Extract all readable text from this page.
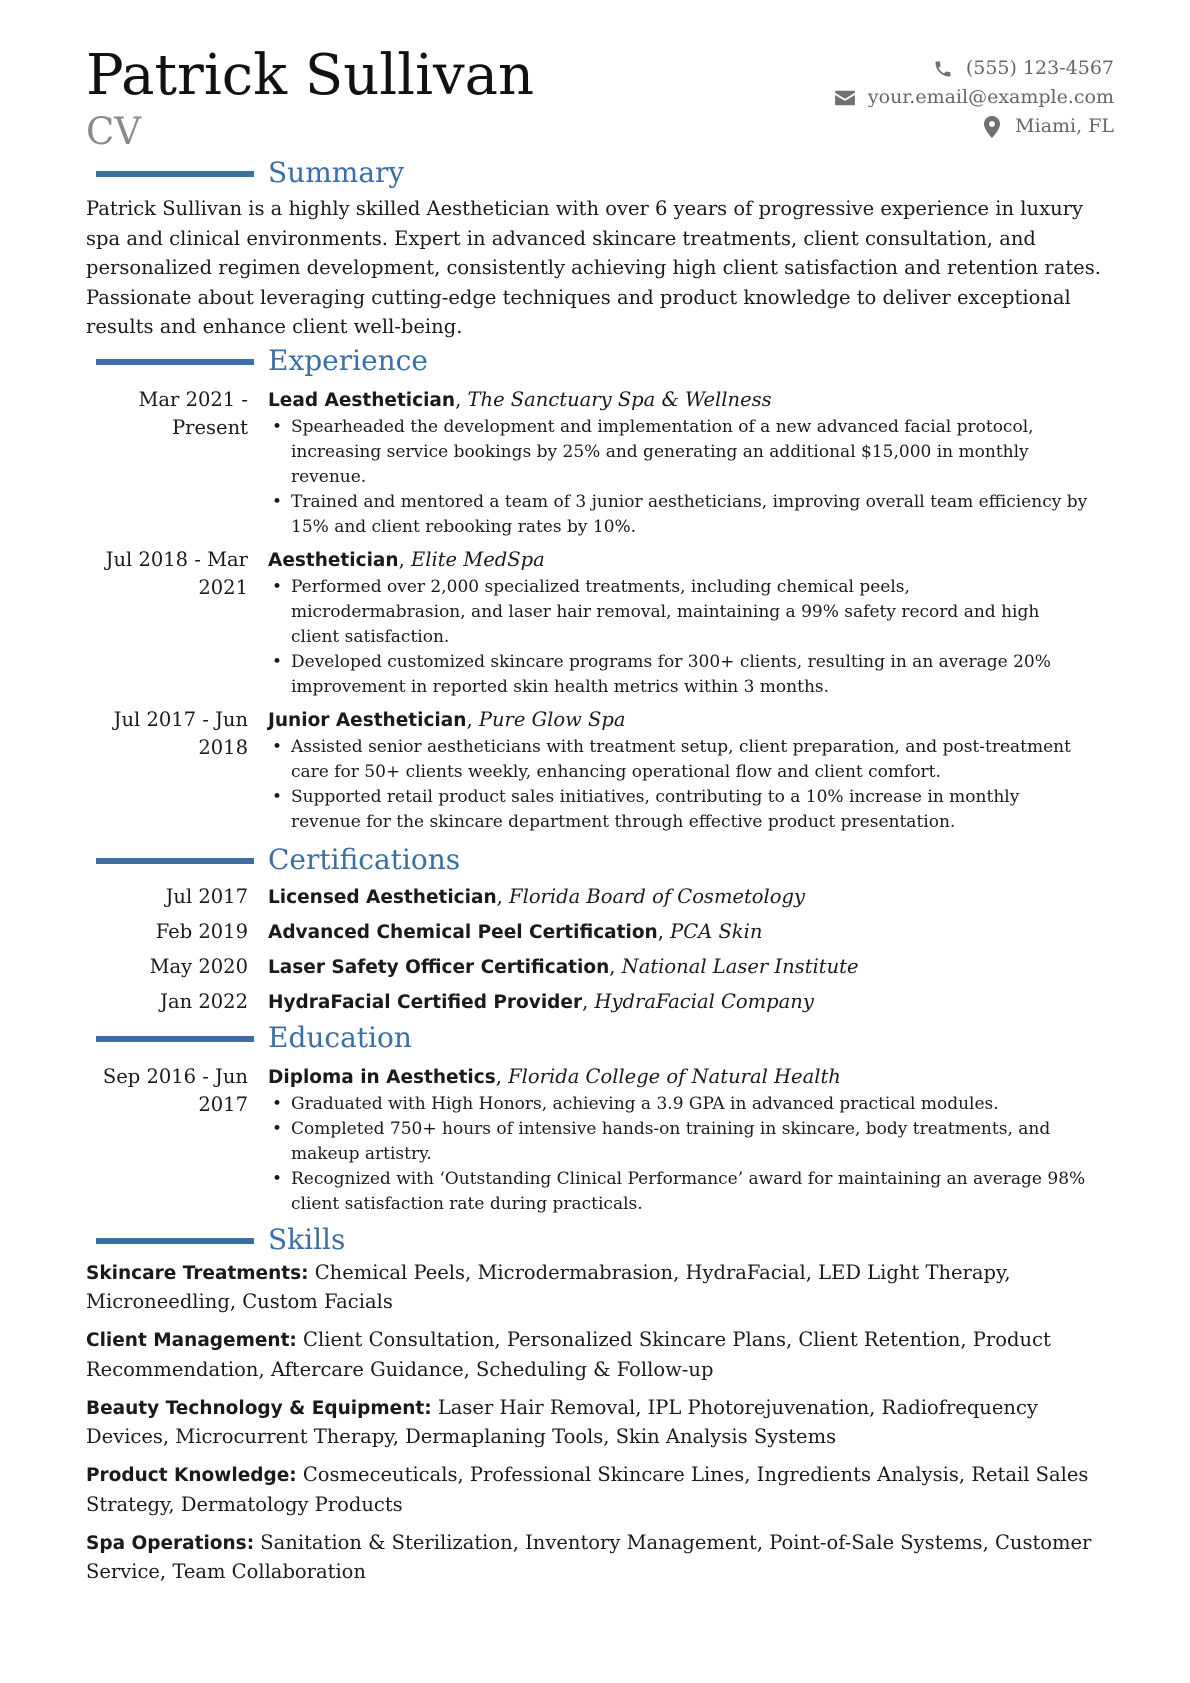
Patrick Sullivan
CV
(555) 123-4567
your.email@example.com
Miami, FL
Summary

Patrick Sullivan is a highly skilled Aesthetician with over 6 years of progressive experience in luxury spa and clinical environments. Expert in advanced skincare treatments, client consultation, and personalized regimen development, consistently achieving high client satisfaction and retention rates. Passionate about leveraging cutting-edge techniques and product knowledge to deliver exceptional results and enhance client well-being.

Experience
Mar 2021 -
Present
Lead Aesthetician, The Sanctuary Spa & Wellness
• Spearheaded the development and implementation of a new advanced facial protocol, increasing service bookings by 25% and generating an additional $15,000 in monthly revenue.
• Trained and mentored a team of 3 junior aestheticians, improving overall team efficiency by 15% and client rebooking rates by 10%.
Jul 2018 - Mar
2021
Aesthetician, Elite MedSpa
• Performed over 2,000 specialized treatments, including chemical peels, microdermabrasion, and laser hair removal, maintaining a 99% safety record and high client satisfaction.
• Developed customized skincare programs for 300+ clients, resulting in an average 20% improvement in reported skin health metrics within 3 months.
Jul 2017 - Jun
2018
Junior Aesthetician, Pure Glow Spa
• Assisted senior aestheticians with treatment setup, client preparation, and post-treatment care for 50+ clients weekly, enhancing operational flow and client comfort.
• Supported retail product sales initiatives, contributing to a 10% increase in monthly revenue for the skincare department through effective product presentation.
Certifications
Jul 2017	Licensed Aesthetician, Florida Board of Cosmetology
Feb 2019	Advanced Chemical Peel Certification, PCA Skin
May 2020	Laser Safety Officer Certification, National Laser Institute
Jan 2022	HydraFacial Certified Provider, HydraFacial Company
Education
Sep 2016 - Jun
2017
Diploma in Aesthetics, Florida College of Natural Health
• Graduated with High Honors, achieving a 3.9 GPA in advanced practical modules.
• Completed 750+ hours of intensive hands-on training in skincare, body treatments, and makeup artistry.
• Recognized with ‘Outstanding Clinical Performance’ award for maintaining an average 98% client satisfaction rate during practicals.
Skills

Skincare Treatments: Chemical Peels, Microdermabrasion, HydraFacial, LED Light Therapy, Microneedling, Custom Facials

Client Management: Client Consultation, Personalized Skincare Plans, Client Retention, Product Recommendation, Aftercare Guidance, Scheduling & Follow-up

Beauty Technology & Equipment: Laser Hair Removal, IPL Photorejuvenation, Radiofrequency Devices, Microcurrent Therapy, Dermaplaning Tools, Skin Analysis Systems

Product Knowledge: Cosmeceuticals, Professional Skincare Lines, Ingredients Analysis, Retail Sales Strategy, Dermatology Products

Spa Operations: Sanitation & Sterilization, Inventory Management, Point-of-Sale Systems, Customer Service, Team Collaboration
